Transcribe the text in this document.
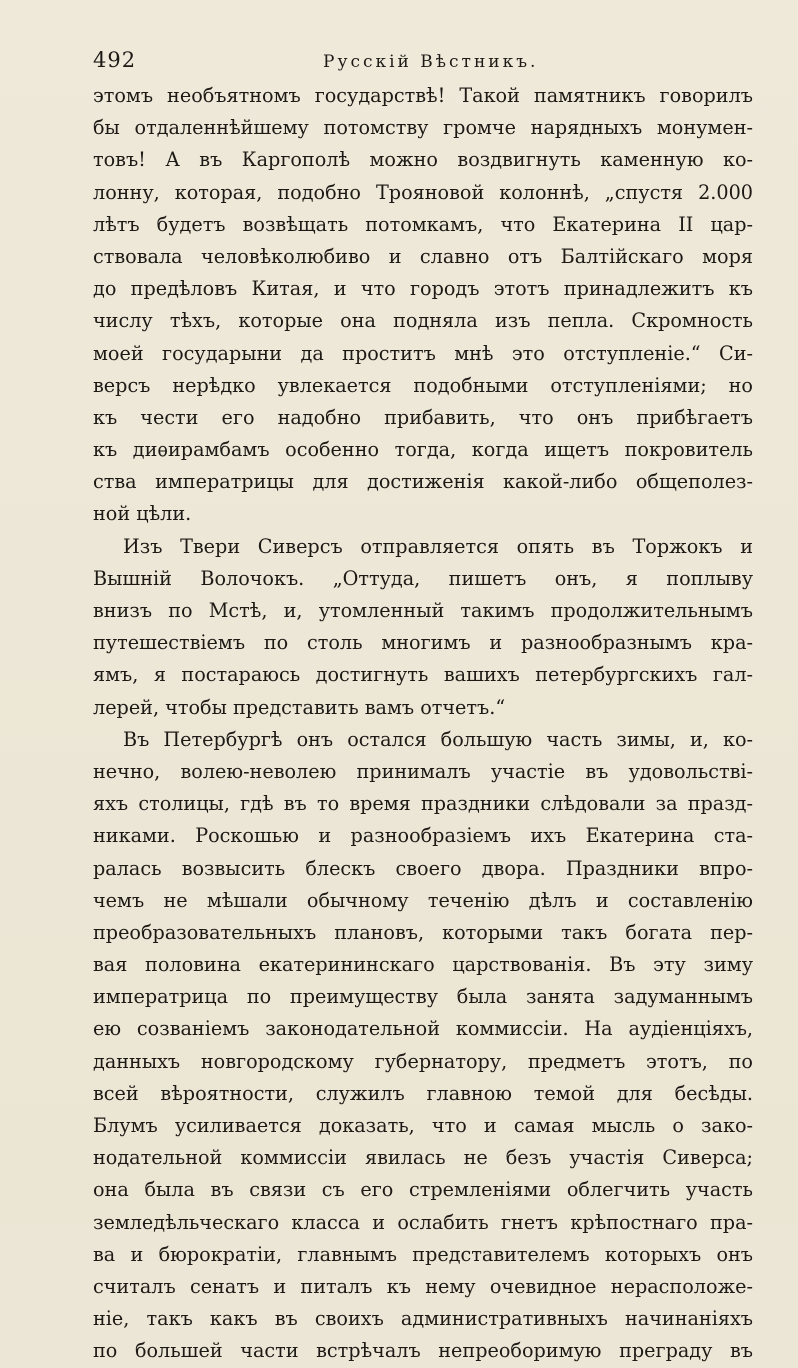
492	Русскій Вѣстникъ.
этомъ необъятномъ государствѣ! Такой памятникъ говорилъ
бы отдаленнѣйшему потомству громче нарядныхъ монумен-
товъ! А въ Каргополѣ можно воздвигнуть каменную ко-
лонну, которая, подобно Трояновой колоннѣ, „спустя 2.000
лѣтъ будетъ возвѣщать потомкамъ, что Екатерина II цар-
ствовала человѣколюбиво и славно отъ Балтійскаго моря
до предѣловъ Китая, и что городъ этотъ принадлежитъ къ
числу тѣхъ, которые она подняла изъ пепла. Скромность
моей государыни да проститъ мнѣ это отступленіе.“ Си-
версъ нерѣдко увлекается подобными отступленіями; но
къ чести его надобно прибавить, что онъ прибѣгаетъ
къ диѳирамбамъ особенно тогда, когда ищетъ покровитель
ства императрицы для достиженія какой-либо общеполез-
ной цѣли.
Изъ Твери Сиверсъ отправляется опять въ Торжокъ и
Вышній Волочокъ. „Оттуда, пишетъ онъ, я поплыву
внизъ по Мстѣ, и, утомленный такимъ продолжительнымъ
путешествіемъ по столь многимъ и разнообразнымъ кра-
ямъ, я постараюсь достигнуть вашихъ петербургскихъ гал-
лерей, чтобы представить вамъ отчетъ.“
Въ Петербургѣ онъ остался большую часть зимы, и, ко-
нечно, волею-неволею принималъ участіе въ удовольствi-
яхъ столицы, гдѣ въ то время праздники слѣдовали за празд-
никами. Роскошью и разнообразіемъ ихъ Екатерина ста-
ралась возвысить блескъ своего двора. Праздники впро-
чемъ не мѣшали обычному теченію дѣлъ и составленію
преобразовательныхъ плановъ, которыми такъ богата пер-
вая половина екатерининскаго царствованія. Въ эту зиму
императрица по преимуществу была занята задуманнымъ
ею созваніемъ законодательной коммиссіи. На аудіенціяхъ,
данныхъ новгородскому губернатору, предметъ этотъ, по
всей вѣроятности, служилъ главною темой для бесѣды.
Блумъ усиливается доказать, что и самая мысль о зако-
нодательной коммиссіи явилась не безъ участія Сиверса;
она была въ связи съ его стремленіями облегчить участь
земледѣльческаго класса и ослабить гнетъ крѣпостнаго пра-
ва и бюрократіи, главнымъ представителемъ которыхъ онъ
считалъ сенатъ и питалъ къ нему очевидное нерасположе-
ніе, такъ какъ въ своихъ административныхъ начинаніяхъ
по большей части встрѣчалъ непреоборимую преграду въ
